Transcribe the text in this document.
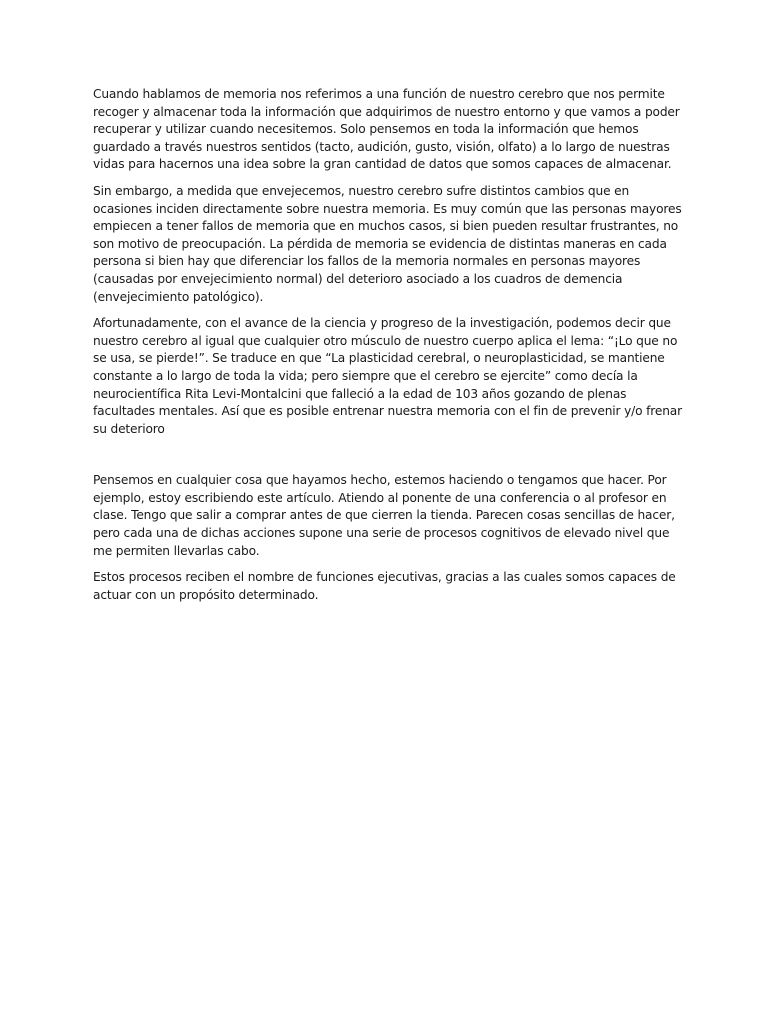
Cuando hablamos de memoria nos referimos a una función de nuestro cerebro que nos permite recoger y almacenar toda la información que adquirimos de nuestro entorno y que vamos a poder recuperar y utilizar cuando necesitemos. Solo pensemos en toda la información que hemos guardado a través nuestros sentidos (tacto, audición, gusto, visión, olfato) a lo largo de nuestras vidas para hacernos una idea sobre la gran cantidad de datos que somos capaces de almacenar.

Sin embargo, a medida que envejecemos, nuestro cerebro sufre distintos cambios que en ocasiones inciden directamente sobre nuestra memoria. Es muy común que las personas mayores empiecen a tener fallos de memoria que en muchos casos, si bien pueden resultar frustrantes, no son motivo de preocupación. La pérdida de memoria se evidencia de distintas maneras en cada persona si bien hay que diferenciar los fallos de la memoria normales en personas mayores (causadas por envejecimiento normal) del deterioro asociado a los cuadros de demencia (envejecimiento patológico).

Afortunadamente, con el avance de la ciencia y progreso de la investigación, podemos decir que nuestro cerebro al igual que cualquier otro músculo de nuestro cuerpo aplica el lema: “¡Lo que no se usa, se pierde!”. Se traduce en que “La plasticidad cerebral, o neuroplasticidad, se mantiene constante a lo largo de toda la vida; pero siempre que el cerebro se ejercite” como decía la neurocientífica Rita Levi-Montalcini que falleció a la edad de 103 años gozando de plenas facultades mentales. Así que es posible entrenar nuestra memoria con el fin de prevenir y/o frenar su deterioro

Pensemos en cualquier cosa que hayamos hecho, estemos haciendo o tengamos que hacer. Por ejemplo, estoy escribiendo este artículo. Atiendo al ponente de una conferencia o al profesor en clase. Tengo que salir a comprar antes de que cierren la tienda. Parecen cosas sencillas de hacer, pero cada una de dichas acciones supone una serie de procesos cognitivos de elevado nivel que me permiten llevarlas cabo.

Estos procesos reciben el nombre de funciones ejecutivas, gracias a las cuales somos capaces de actuar con un propósito determinado.
